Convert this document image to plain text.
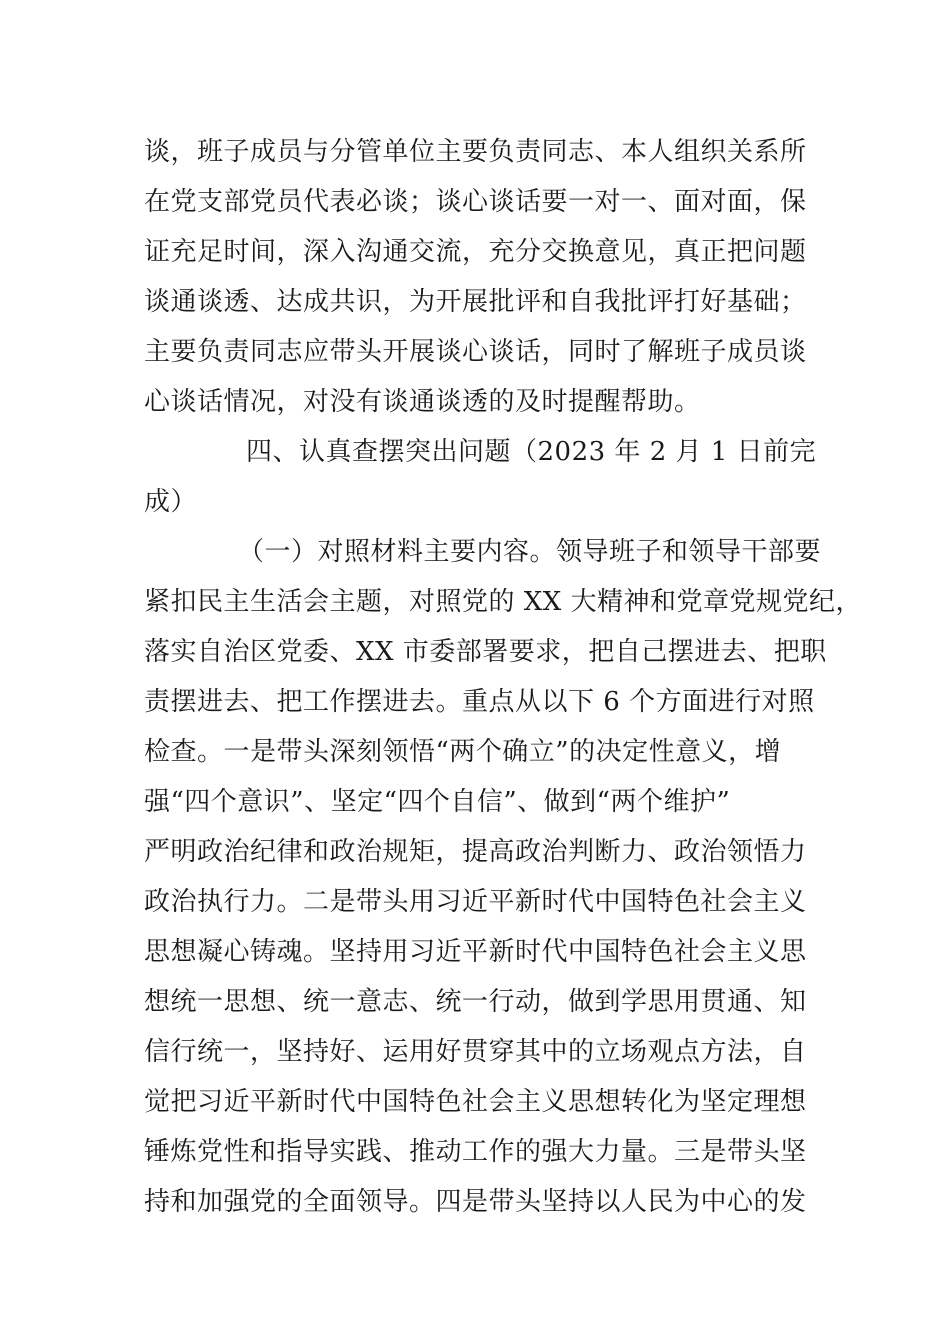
谈，班子成员与分管单位主要负责同志、本人组织关系所
在党支部党员代表必谈；谈心谈话要一对一、面对面，保
证充足时间，深入沟通交流，充分交换意见，真正把问题
谈通谈透、达成共识，为开展批评和自我批评打好基础；
主要负责同志应带头开展谈心谈话，同时了解班子成员谈
心谈话情况，对没有谈通谈透的及时提醒帮助。
四、认真查摆突出问题（2023 年 2 月 1 日前完
成）
（一）对照材料主要内容。领导班子和领导干部要
紧扣民主生活会主题，对照党的 XX 大精神和党章党规党纪，
落实自治区党委、XX 市委部署要求，把自己摆进去、把职
责摆进去、把工作摆进去。重点从以下 6 个方面进行对照
检查。一是带头深刻领悟“两个确立”的决定性意义，增
强“四个意识”、坚定“四个自信”、做到“两个维护”
严明政治纪律和政治规矩，提高政治判断力、政治领悟力
政治执行力。二是带头用习近平新时代中国特色社会主义
思想凝心铸魂。坚持用习近平新时代中国特色社会主义思
想统一思想、统一意志、统一行动，做到学思用贯通、知
信行统一，坚持好、运用好贯穿其中的立场观点方法，自
觉把习近平新时代中国特色社会主义思想转化为坚定理想
锤炼党性和指导实践、推动工作的强大力量。三是带头坚
持和加强党的全面领导。四是带头坚持以人民为中心的发
